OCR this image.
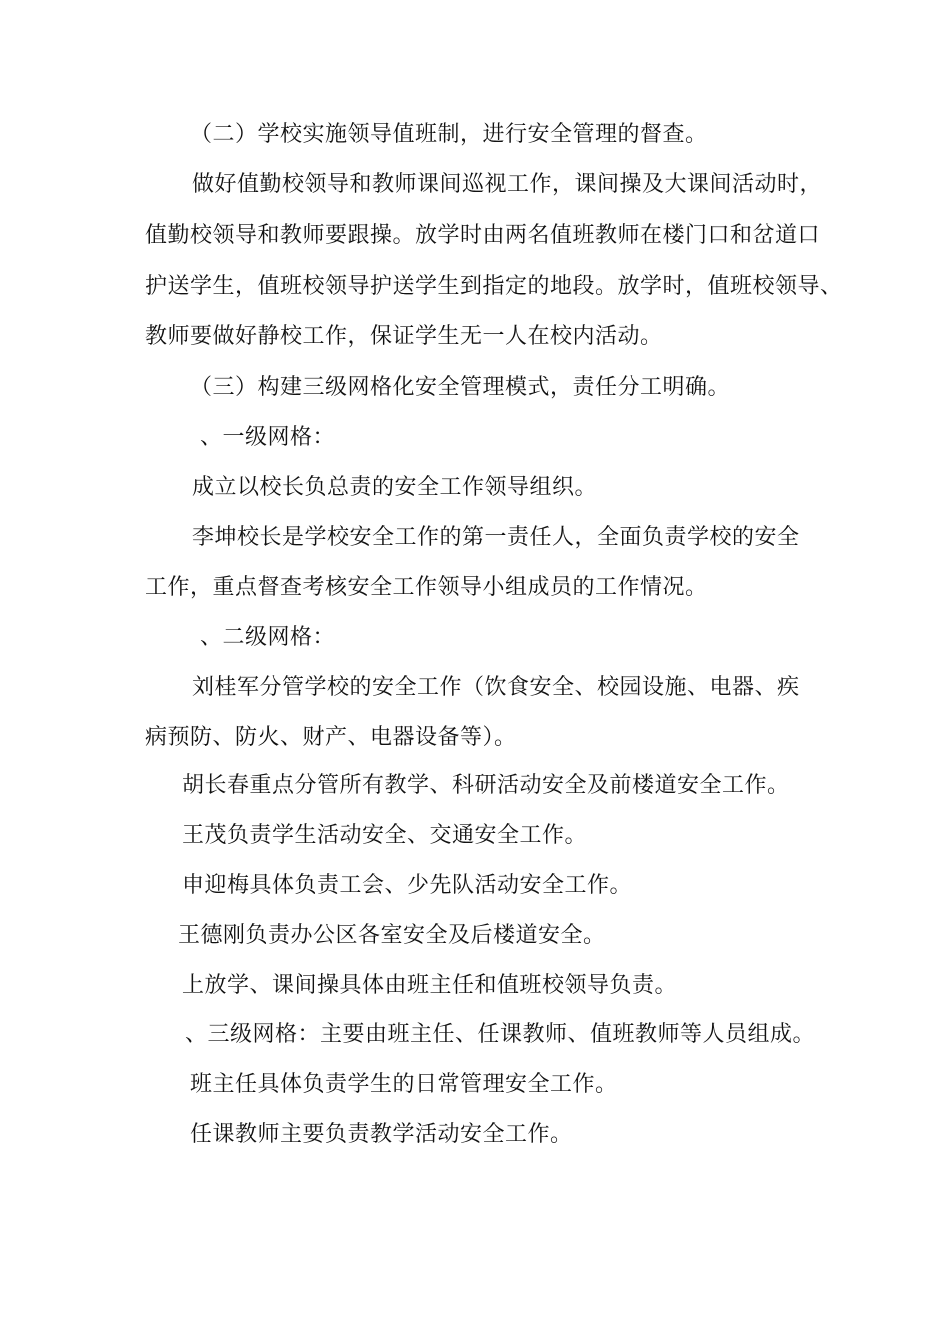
（二）学校实施领导值班制，进行安全管理的督查。
做好值勤校领导和教师课间巡视工作，课间操及大课间活动时，
值勤校领导和教师要跟操。放学时由两名值班教师在楼门口和岔道口
护送学生，值班校领导护送学生到指定的地段。放学时，值班校领导、
教师要做好静校工作，保证学生无一人在校内活动。
（三）构建三级网格化安全管理模式，责任分工明确。
、一级网格：
成立以校长负总责的安全工作领导组织。
李坤校长是学校安全工作的第一责任人，全面负责学校的安全
工作，重点督查考核安全工作领导小组成员的工作情况。
、二级网格：
刘桂军分管学校的安全工作（饮食安全、校园设施、电器、疾
病预防、防火、财产、电器设备等）。
胡长春重点分管所有教学、科研活动安全及前楼道安全工作。
王茂负责学生活动安全、交通安全工作。
申迎梅具体负责工会、少先队活动安全工作。
王德刚负责办公区各室安全及后楼道安全。
上放学、课间操具体由班主任和值班校领导负责。
、三级网格：主要由班主任、任课教师、值班教师等人员组成。
班主任具体负责学生的日常管理安全工作。
任课教师主要负责教学活动安全工作。
